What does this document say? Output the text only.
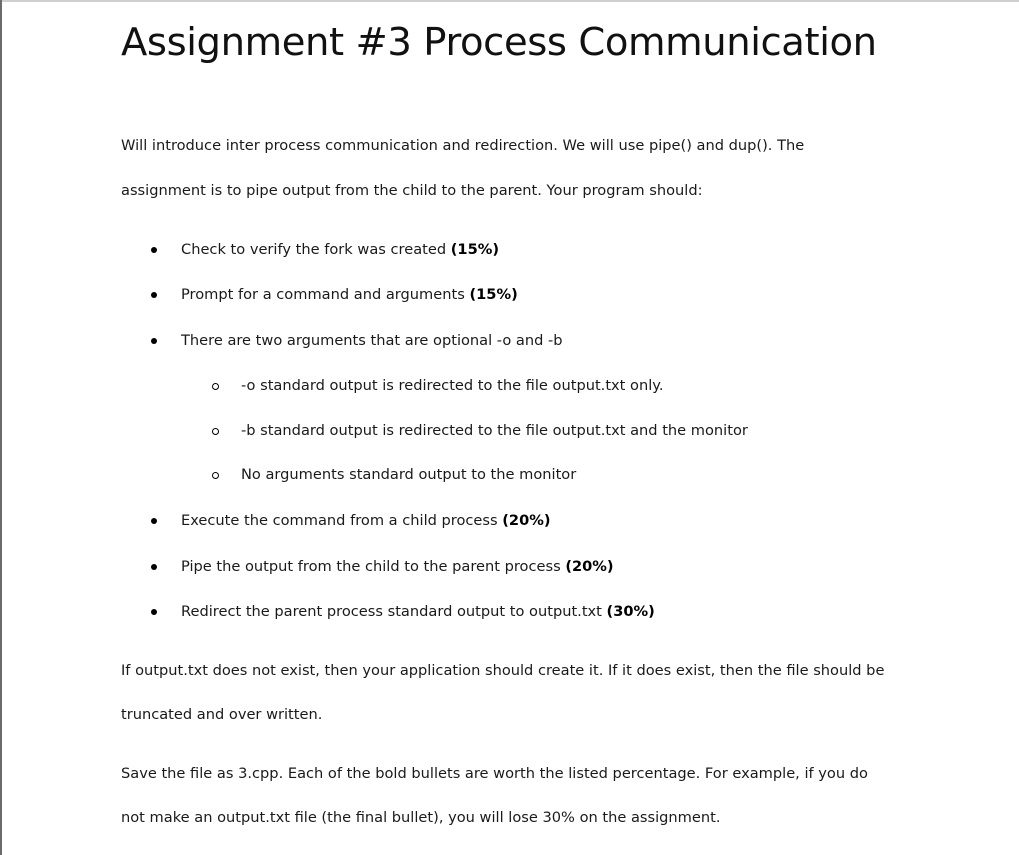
Assignment #3 Process Communication

Will introduce inter process communication and redirection. We will use pipe() and dup(). The

assignment is to pipe output from the child to the parent. Your program should:

Check to verify the fork was created (15%)

Prompt for a command and arguments (15%)

There are two arguments that are optional -o and -b

-o standard output is redirected to the file output.txt only.

-b standard output is redirected to the file output.txt and the monitor

No arguments standard output to the monitor

Execute the command from a child process (20%)

Pipe the output from the child to the parent process (20%)

Redirect the parent process standard output to output.txt (30%)

If output.txt does not exist, then your application should create it. If it does exist, then the file should be

truncated and over written.

Save the file as 3.cpp. Each of the bold bullets are worth the listed percentage. For example, if you do

not make an output.txt file (the final bullet), you will lose 30% on the assignment.
